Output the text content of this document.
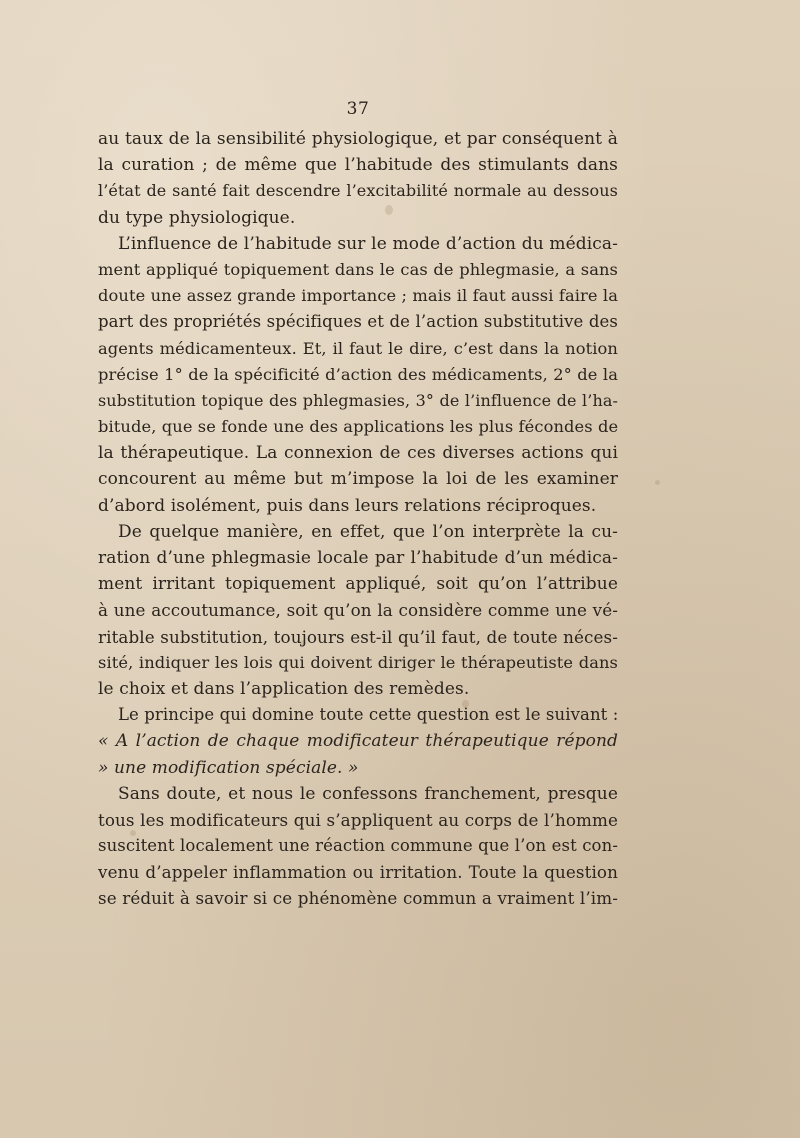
37
au taux de la sensibilité physiologique, et par conséquent à
la curation ; de même que l’habitude des stimulants dans
l’état de santé fait descendre l’excitabilité normale au dessous
du type physiologique.
L’influence de l’habitude sur le mode d’action du médica-
ment appliqué topiquement dans le cas de phlegmasie, a sans
doute une assez grande importance ; mais il faut aussi faire la
part des propriétés spécifiques et de l’action substitutive des
agents médicamenteux. Et, il faut le dire, c’est dans la notion
précise 1° de la spécificité d’action des médicaments, 2° de la
substitution topique des phlegmasies, 3° de l’influence de l’ha-
bitude, que se fonde une des applications les plus fécondes de
la thérapeutique. La connexion de ces diverses actions qui
concourent au même but m’impose la loi de les examiner
d’abord isolément, puis dans leurs relations réciproques.
De quelque manière, en effet, que l’on interprète la cu-
ration d’une phlegmasie locale par l’habitude d’un médica-
ment irritant topiquement appliqué, soit qu’on l’attribue
à une accoutumance, soit qu’on la considère comme une vé-
ritable substitution, toujours est-il qu’il faut, de toute néces-
sité, indiquer les lois qui doivent diriger le thérapeutiste dans
le choix et dans l’application des remèdes.
Le principe qui domine toute cette question est le suivant :
« A l’action de chaque modificateur thérapeutique répond
» une modification spéciale. »
Sans doute, et nous le confessons franchement, presque
tous les modificateurs qui s’appliquent au corps de l’homme
suscitent localement une réaction commune que l’on est con-
venu d’appeler inflammation ou irritation. Toute la question
se réduit à savoir si ce phénomène commun a vraiment l’im-
